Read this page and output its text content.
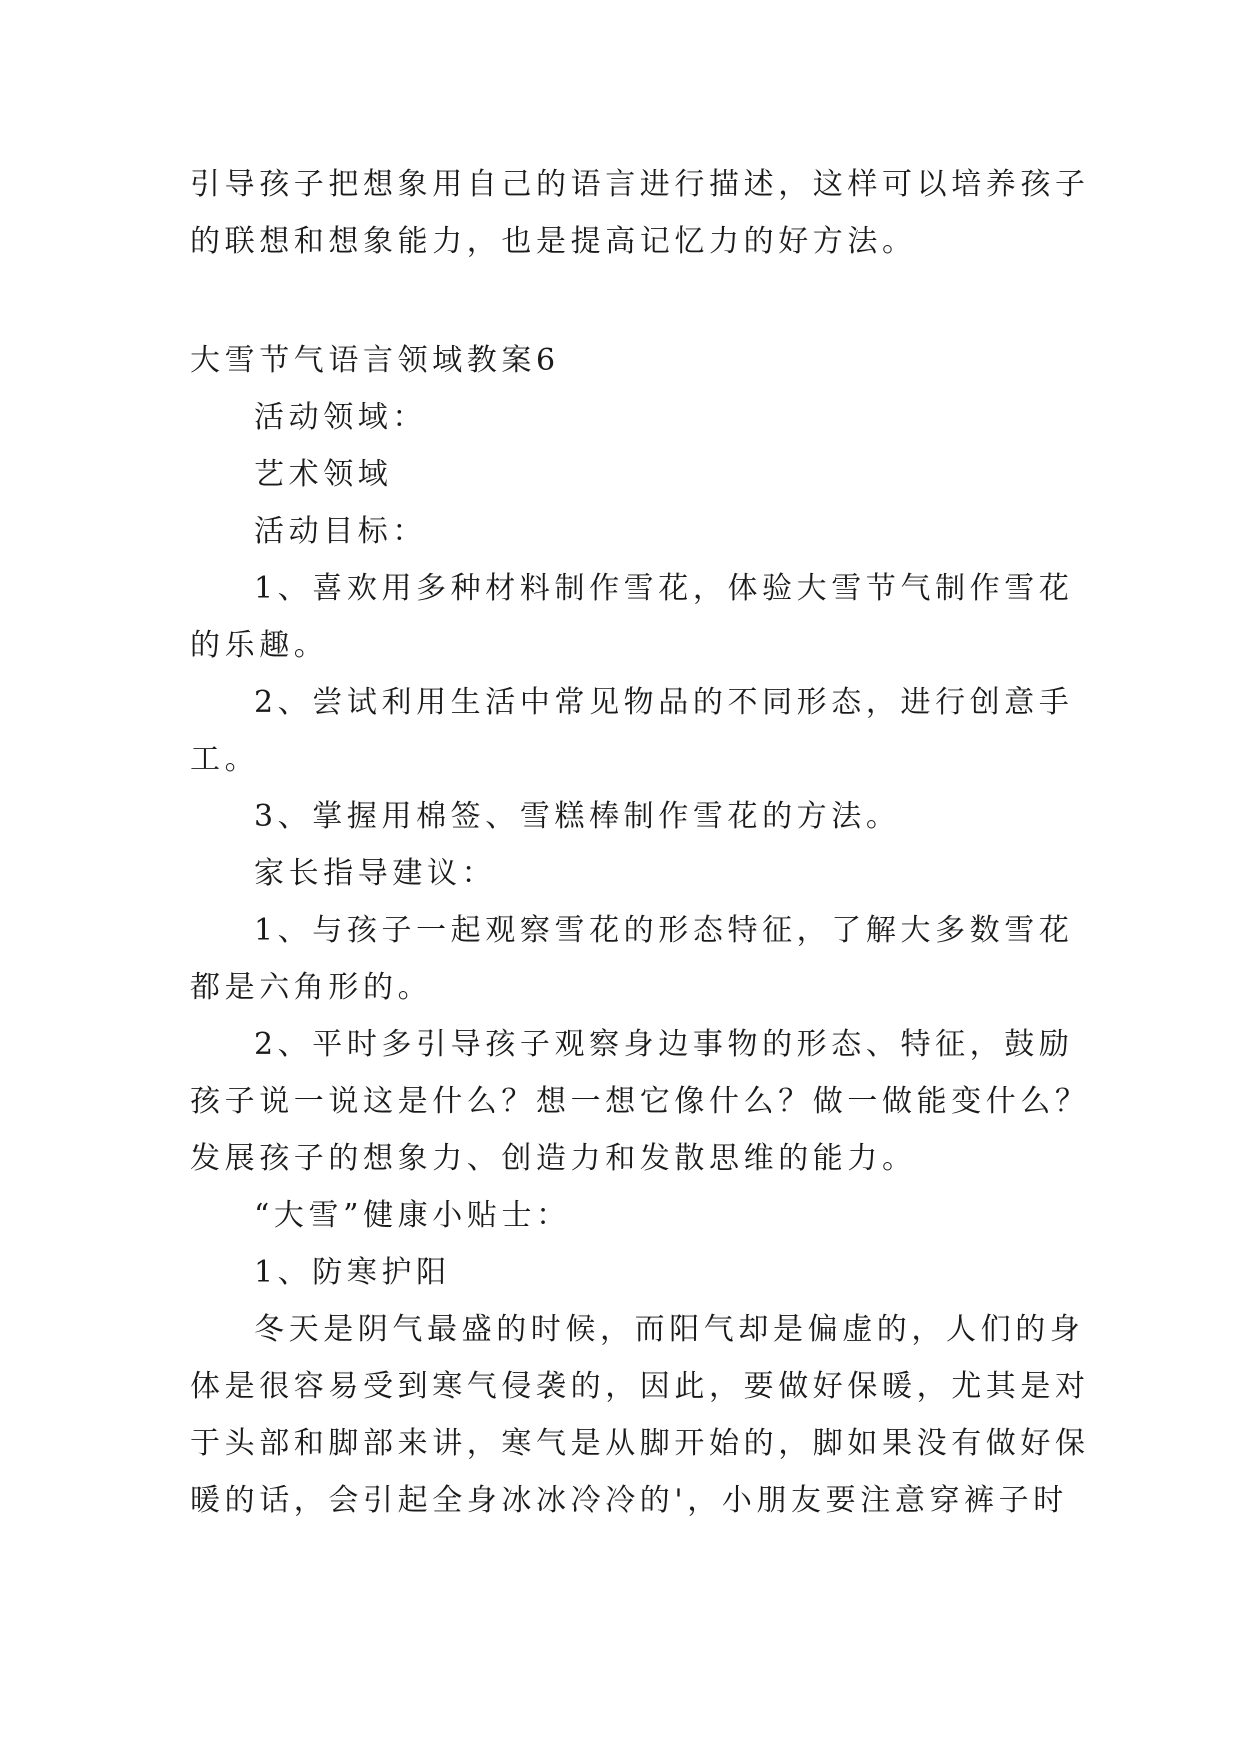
引导孩子把想象用自己的语言进行描述，这样可以培养孩子

的联想和想象能力，也是提高记忆力的好方法。

大雪节气语言领域教案6

活动领域：

艺术领域

活动目标：

1、喜欢用多种材料制作雪花，体验大雪节气制作雪花

的乐趣。

2、尝试利用生活中常见物品的不同形态，进行创意手

工。

3、掌握用棉签、雪糕棒制作雪花的方法。

家长指导建议：

1、与孩子一起观察雪花的形态特征，了解大多数雪花

都是六角形的。

2、平时多引导孩子观察身边事物的形态、特征，鼓励

孩子说一说这是什么？想一想它像什么？做一做能变什么？

发展孩子的想象力、创造力和发散思维的能力。

“大雪”健康小贴士：

1、防寒护阳

冬天是阴气最盛的时候，而阳气却是偏虚的，人们的身

体是很容易受到寒气侵袭的，因此，要做好保暖，尤其是对

于头部和脚部来讲，寒气是从脚开始的，脚如果没有做好保

暖的话，会引起全身冰冰冷冷的'，小朋友要注意穿裤子时
